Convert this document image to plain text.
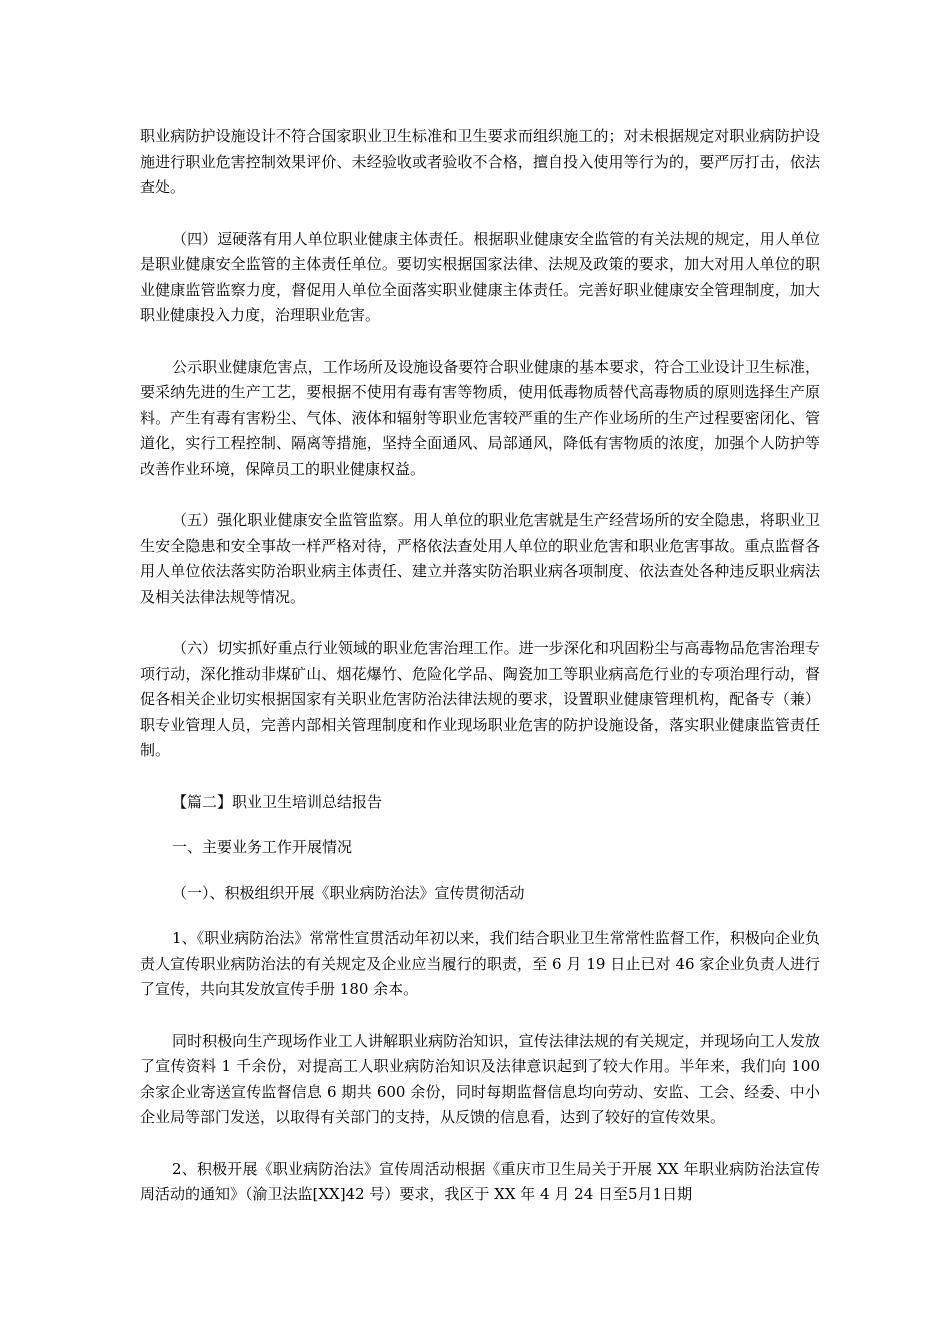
职业病防护设施设计不符合国家职业卫生标准和卫生要求而组织施工的；对未根据规定对职业病防护设施进行职业危害控制效果评价、未经验收或者验收不合格，擅自投入使用等行为的，要严厉打击，依法查处。

（四）逗硬落有用人单位职业健康主体责任。根据职业健康安全监管的有关法规的规定，用人单位是职业健康安全监管的主体责任单位。要切实根据国家法律、法规及政策的要求，加大对用人单位的职业健康监管监察力度，督促用人单位全面落实职业健康主体责任。完善好职业健康安全管理制度，加大职业健康投入力度，治理职业危害。

公示职业健康危害点，工作场所及设施设备要符合职业健康的基本要求，符合工业设计卫生标准，要采纳先进的生产工艺，要根据不使用有毒有害等物质，使用低毒物质替代高毒物质的原则选择生产原料。产生有毒有害粉尘、气体、液体和辐射等职业危害较严重的生产作业场所的生产过程要密闭化、管道化，实行工程控制、隔离等措施，坚持全面通风、局部通风，降低有害物质的浓度，加强个人防护等改善作业环境，保障员工的职业健康权益。

（五）强化职业健康安全监管监察。用人单位的职业危害就是生产经营场所的安全隐患，将职业卫生安全隐患和安全事故一样严格对待，严格依法查处用人单位的职业危害和职业危害事故。重点监督各用人单位依法落实防治职业病主体责任、建立并落实防治职业病各项制度、依法查处各种违反职业病法及相关法律法规等情况。

（六）切实抓好重点行业领域的职业危害治理工作。进一步深化和巩固粉尘与高毒物品危害治理专项行动，深化推动非煤矿山、烟花爆竹、危险化学品、陶瓷加工等职业病高危行业的专项治理行动，督促各相关企业切实根据国家有关职业危害防治法律法规的要求，设置职业健康管理机构，配备专（兼）职专业管理人员，完善内部相关管理制度和作业现场职业危害的防护设施设备，落实职业健康监管责任制。

【篇二】职业卫生培训总结报告

一、主要业务工作开展情况

（一）、积极组织开展《职业病防治法》宣传贯彻活动

1、《职业病防治法》常常性宣贯活动年初以来，我们结合职业卫生常常性监督工作，积极向企业负责人宣传职业病防治法的有关规定及企业应当履行的职责，至 6 月 19 日止已对 46 家企业负责人进行了宣传，共向其发放宣传手册 180 余本。

同时积极向生产现场作业工人讲解职业病防治知识，宣传法律法规的有关规定，并现场向工人发放了宣传资料 1 千余份，对提高工人职业病防治知识及法律意识起到了较大作用。半年来，我们向 100 余家企业寄送宣传监督信息 6 期共 600 余份，同时每期监督信息均向劳动、安监、工会、经委、中小企业局等部门发送，以取得有关部门的支持，从反馈的信息看，达到了较好的宣传效果。

2、积极开展《职业病防治法》宣传周活动根据《重庆市卫生局关于开展 XX 年职业病防治法宣传周活动的通知》（渝卫法监[XX]42 号）要求，我区于 XX 年 4 月 24 日至5月1日期
